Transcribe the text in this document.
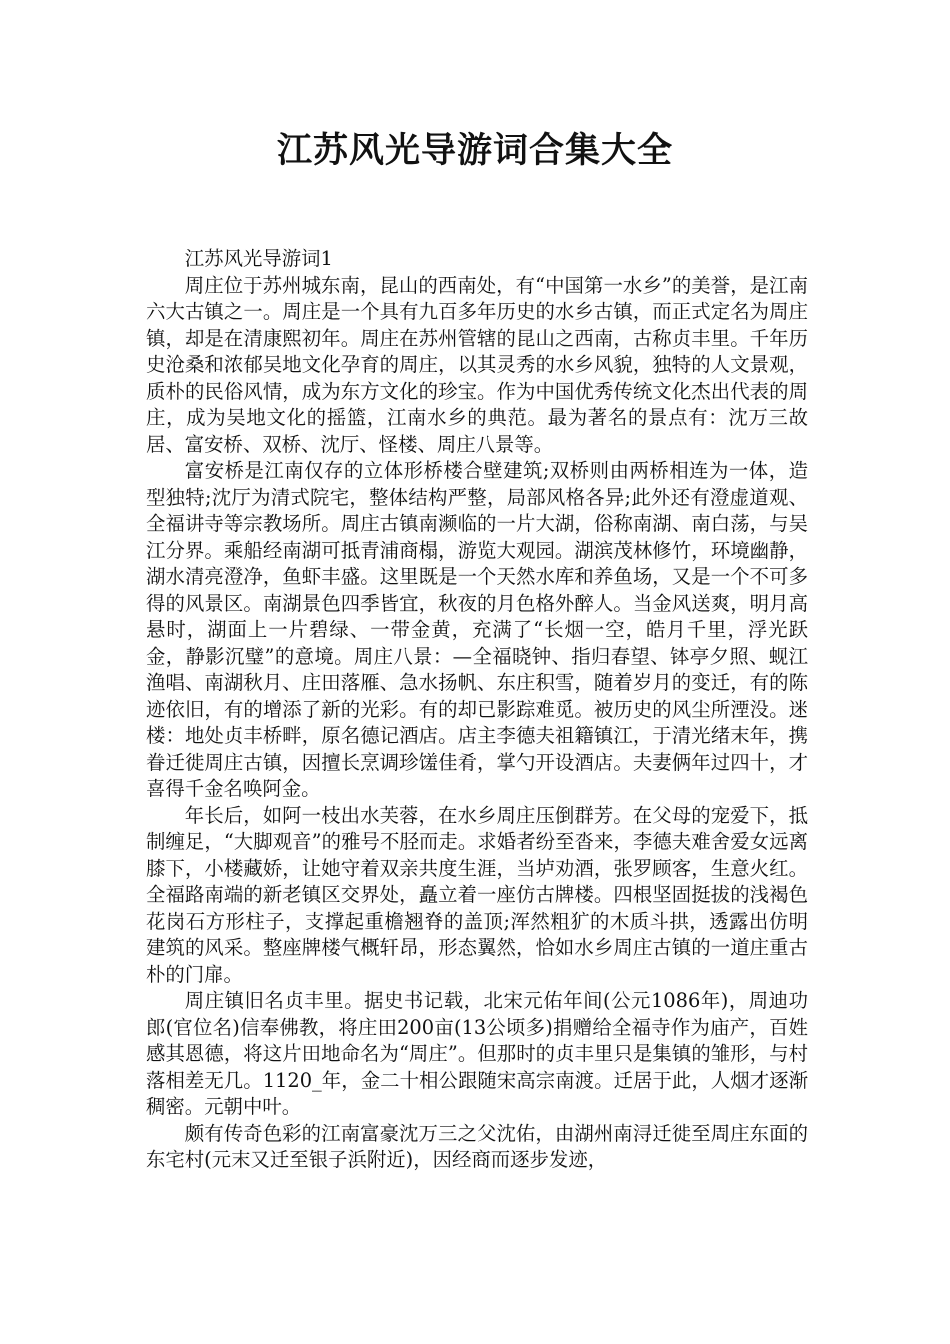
江苏风光导游词合集大全

江苏风光导游词1

周庄位于苏州城东南，昆山的西南处，有“中国第一水乡”的美誉，是江南六大古镇之一。周庄是一个具有九百多年历史的水乡古镇，而正式定名为周庄镇，却是在清康熙初年。周庄在苏州管辖的昆山之西南，古称贞丰里。千年历史沧桑和浓郁吴地文化孕育的周庄，以其灵秀的水乡风貌，独特的人文景观，质朴的民俗风情，成为东方文化的珍宝。作为中国优秀传统文化杰出代表的周庄，成为吴地文化的摇篮，江南水乡的典范。最为著名的景点有：沈万三故居、富安桥、双桥、沈厅、怪楼、周庄八景等。

富安桥是江南仅存的立体形桥楼合壁建筑;双桥则由两桥相连为一体，造型独特;沈厅为清式院宅，整体结构严整，局部风格各异;此外还有澄虚道观、全福讲寺等宗教场所。周庄古镇南濒临的一片大湖，俗称南湖、南白荡，与吴江分界。乘船经南湖可抵青浦商榻，游览大观园。湖滨茂林修竹，环境幽静，湖水清亮澄净，鱼虾丰盛。这里既是一个天然水库和养鱼场，又是一个不可多得的风景区。南湖景色四季皆宜，秋夜的月色格外醉人。当金风送爽，明月高悬时，湖面上一片碧绿、一带金黄，充满了“长烟一空，皓月千里，浮光跃金，静影沉璧”的意境。周庄八景：—全福晓钟、指归春望、钵亭夕照、蚬江渔唱、南湖秋月、庄田落雁、急水扬帆、东庄积雪，随着岁月的变迁，有的陈迹依旧，有的增添了新的光彩。有的却已影踪难觅。被历史的风尘所湮没。迷楼：地处贞丰桥畔，原名德记酒店。店主李德夫祖籍镇江，于清光绪末年，携眷迁徙周庄古镇，因擅长烹调珍馐佳肴，掌勺开设酒店。夫妻俩年过四十，才喜得千金名唤阿金。

年长后，如阿一枝出水芙蓉，在水乡周庄压倒群芳。在父母的宠爱下，抵制缠足，“大脚观音”的雅号不胫而走。求婚者纷至沓来，李德夫难舍爱女远离膝下，小楼藏娇，让她守着双亲共度生涯，当垆劝酒，张罗顾客，生意火红。全福路南端的新老镇区交界处，矗立着一座仿古牌楼。四根坚固挺拔的浅褐色花岗石方形柱子，支撑起重檐翘脊的盖顶;浑然粗犷的木质斗拱，透露出仿明建筑的风采。整座牌楼气概轩昂，形态翼然，恰如水乡周庄古镇的一道庄重古朴的门扉。

周庄镇旧名贞丰里。据史书记载，北宋元佑年间(公元1086年)，周迪功郎(官位名)信奉佛教，将庄田200亩(13公顷多)捐赠给全福寺作为庙产，百姓感其恩德，将这片田地命名为“周庄”。但那时的贞丰里只是集镇的雏形，与村落相差无几。1120_年，金二十相公跟随宋高宗南渡。迁居于此，人烟才逐渐稠密。元朝中叶。

颇有传奇色彩的江南富豪沈万三之父沈佑，由湖州南浔迁徙至周庄东面的东宅村(元末又迁至银子浜附近)，因经商而逐步发迹，
